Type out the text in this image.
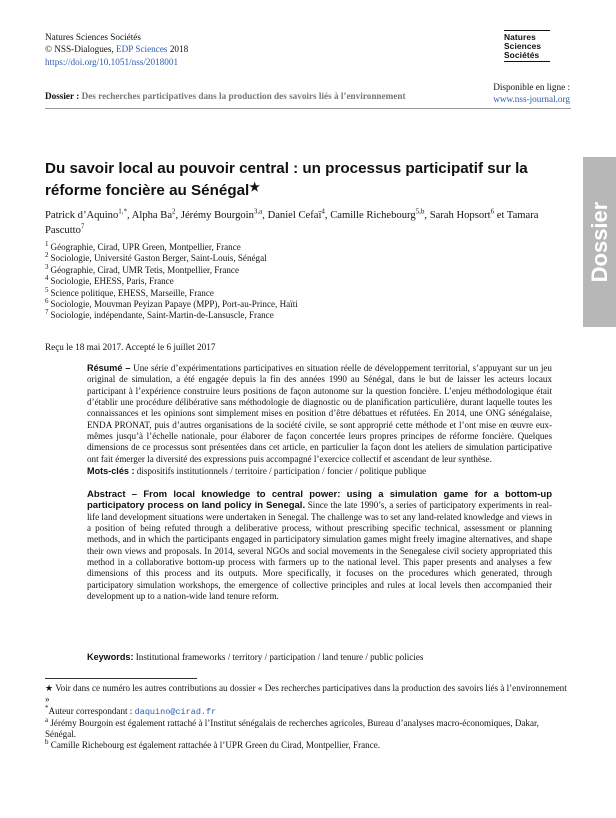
Natures Sciences Sociétés
© NSS-Dialogues, EDP Sciences 2018
https://doi.org/10.1051/nss/2018001
Natures
Sciences
Sociétés
Disponible en ligne :
www.nss-journal.org
Dossier : Des recherches participatives dans la production des savoirs liés à l’environnement
Dossier
Du savoir local au pouvoir central : un processus participatif sur la réforme foncière au Sénégal★
Patrick d’Aquino$^{1,*}$, Alpha Ba$^2$, Jérémy Bourgoin$^{3,a}$, Daniel Cefaï$^4$, Camille Richebourg$^{5,b}$, Sarah Hopsort$^6$ et Tamara Pascutto$^7$
$^1$ Géographie, Cirad, UPR Green, Montpellier, France
$^2$ Sociologie, Université Gaston Berger, Saint-Louis, Sénégal
$^3$ Géographie, Cirad, UMR Tetis, Montpellier, France
$^4$ Sociologie, EHESS, Paris, France
$^5$ Science politique, EHESS, Marseille, France
$^6$ Sociologie, Mouvman Peyizan Papaye (MPP), Port-au-Prince, Haïti
$^7$ Sociologie, indépendante, Saint-Martin-de-Lansuscle, France
Reçu le 18 mai 2017. Accepté le 6 juillet 2017
Résumé – Une série d’expérimentations participatives en situation réelle de développement territorial, s’appuyant sur un jeu original de simulation, a été engagée depuis la fin des années 1990 au Sénégal, dans le but de laisser les acteurs locaux participant à l’expérience construire leurs positions de façon autonome sur la question foncière. L’enjeu méthodologique était d’établir une procédure délibérative sans méthodologie de diagnostic ou de planification particulière, durant laquelle toutes les connaissances et les opinions sont simplement mises en position d’être débattues et réfutées. En 2014, une ONG sénégalaise, ENDA PRONAT, puis d’autres organisations de la société civile, se sont approprié cette méthode et l’ont mise en œuvre eux-mêmes jusqu’à l’échelle nationale, pour élaborer de façon concertée leurs propres principes de réforme foncière. Quelques dimensions de ce processus sont présentées dans cet article, en particulier la façon dont les ateliers de simulation participative ont fait émerger la diversité des expressions puis accompagné l’exercice collectif et ascendant de leur synthèse.
Mots-clés : dispositifs institutionnels / territoire / participation / foncier / politique publique
Abstract – From local knowledge to central power: using a simulation game for a bottom-up participatory process on land policy in Senegal. Since the late 1990’s, a series of participatory experiments in real-life land development situations were undertaken in Senegal. The challenge was to set any land-related knowledge and views in a position of being refuted through a deliberative process, without prescribing specific technical, assessment or planning methods, and in which the participants engaged in participatory simulation games might freely imagine alternatives, and shape their own views and proposals. In 2014, several NGOs and social movements in the Senegalese civil society appropriated this method in a collaborative bottom-up process with farmers up to the national level. This paper presents and analyses a few dimensions of this process and its outputs. More specifically, it focuses on the procedures which generated, through participatory simulation workshops, the emergence of collective principles and rules at local levels then accompanied their development up to a nation-wide land tenure reform.
Keywords: Institutional frameworks / territory / participation / land tenure / public policies
★ Voir dans ce numéro les autres contributions au dossier « Des recherches participatives dans la production des savoirs liés à l’environnement »
*Auteur correspondant : daquino@cirad.fr
$^a$ Jérémy Bourgoin est également rattaché à l’Institut sénégalais de recherches agricoles, Bureau d’analyses macro-économiques, Dakar, Sénégal.
$^b$ Camille Richebourg est également rattachée à l’UPR Green du Cirad, Montpellier, France.
